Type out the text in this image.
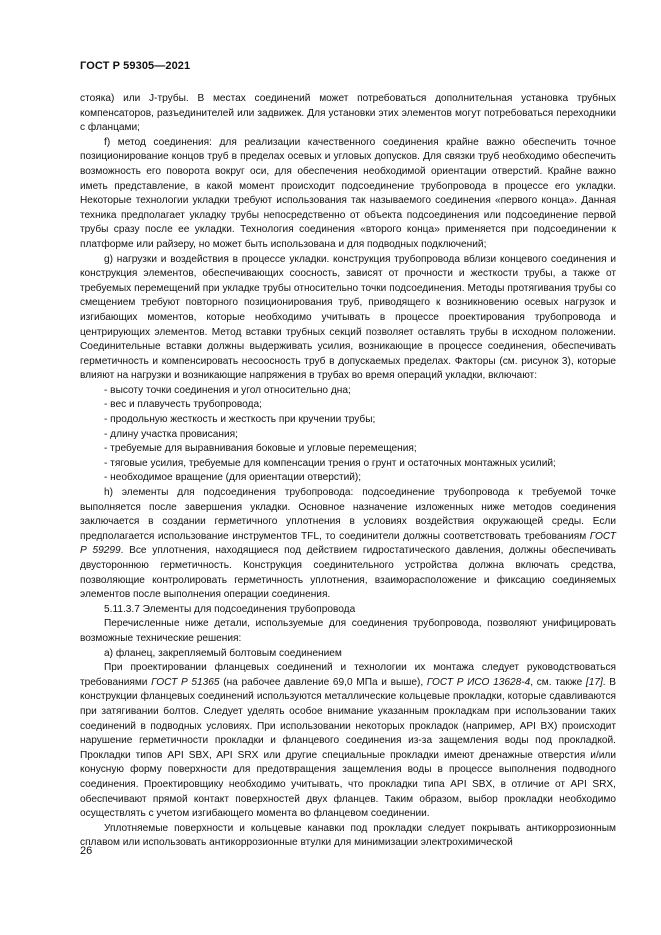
ГОСТ Р 59305—2021

стояка) или J-трубы. В местах соединений может потребоваться дополнительная установка трубных компенсаторов, разъединителей или задвижек. Для установки этих элементов могут потребоваться переходники с фланцами;

f) метод соединения: для реализации качественного соединения крайне важно обеспечить точное позиционирование концов труб в пределах осевых и угловых допусков. Для связки труб необходимо обеспечить возможность его поворота вокруг оси, для обеспечения необходимой ориентации отверстий. Крайне важно иметь представление, в какой момент происходит подсоединение трубопровода в процессе его укладки. Некоторые технологии укладки требуют использования так называемого соединения «первого конца». Данная техника предполагает укладку трубы непосредственно от объекта подсоединения или подсоединение первой трубы сразу после ее укладки. Технология соединения «второго конца» применяется при подсоединении к платформе или райзеру, но может быть использована и для подводных подключений;

g) нагрузки и воздействия в процессе укладки. конструкция трубопровода вблизи концевого соединения и конструкция элементов, обеспечивающих соосность, зависят от прочности и жесткости трубы, а также от требуемых перемещений при укладке трубы относительно точки подсоединения. Методы протягивания трубы со смещением требуют повторного позиционирования труб, приводящего к возникновению осевых нагрузок и изгибающих моментов, которые необходимо учитывать в процессе проектирования трубопровода и центрирующих элементов. Метод вставки трубных секций позволяет оставлять трубы в исходном положении. Соединительные вставки должны выдерживать усилия, возникающие в процессе соединения, обеспечивать герметичность и компенсировать несоосность труб в допускаемых пределах. Факторы (см. рисунок 3), которые влияют на нагрузки и возникающие напряжения в трубах во время операций укладки, включают:

- высоту точки соединения и угол относительно дна;

- вес и плавучесть трубопровода;

- продольную жесткость и жесткость при кручении трубы;

- длину участка провисания;

- требуемые для выравнивания боковые и угловые перемещения;

- тяговые усилия, требуемые для компенсации трения о грунт и остаточных монтажных усилий;

- необходимое вращение (для ориентации отверстий);

h) элементы для подсоединения трубопровода: подсоединение трубопровода к требуемой точке выполняется после завершения укладки. Основное назначение изложенных ниже методов соединения заключается в создании герметичного уплотнения в условиях воздействия окружающей среды. Если предполагается использование инструментов TFL, то соединители должны соответствовать требованиям ГОСТ Р 59299. Все уплотнения, находящиеся под действием гидростатического давления, должны обеспечивать двустороннюю герметичность. Конструкция соединительного устройства должна включать средства, позволяющие контролировать герметичность уплотнения, взаиморасположение и фиксацию соединяемых элементов после выполнения операции соединения.

5.11.3.7 Элементы для подсоединения трубопровода

Перечисленные ниже детали, используемые для соединения трубопровода, позволяют унифицировать возможные технические решения:

а) фланец, закрепляемый болтовым соединением

При проектировании фланцевых соединений и технологии их монтажа следует руководствоваться требованиями ГОСТ Р 51365 (на рабочее давление 69,0 МПа и выше), ГОСТ Р ИСО 13628-4, см. также [17]. В конструкции фланцевых соединений используются металлические кольцевые прокладки, которые сдавливаются при затягивании болтов. Следует уделять особое внимание указанным прокладкам при использовании таких соединений в подводных условиях. При использовании некоторых прокладок (например, API BX) происходит нарушение герметичности прокладки и фланцевого соединения из-за защемления воды под прокладкой. Прокладки типов API SBX, API SRX или другие специальные прокладки имеют дренажные отверстия и/или конусную форму поверхности для предотвращения защемления воды в процессе выполнения подводного соединения. Проектировщику необходимо учитывать, что прокладки типа API SBX, в отличие от API SRX, обеспечивают прямой контакт поверхностей двух фланцев. Таким образом, выбор прокладки необходимо осуществлять с учетом изгибающего момента во фланцевом соединении.

Уплотняемые поверхности и кольцевые канавки под прокладки следует покрывать антикоррозионным сплавом или использовать антикоррозионные втулки для минимизации электрохимической

26
